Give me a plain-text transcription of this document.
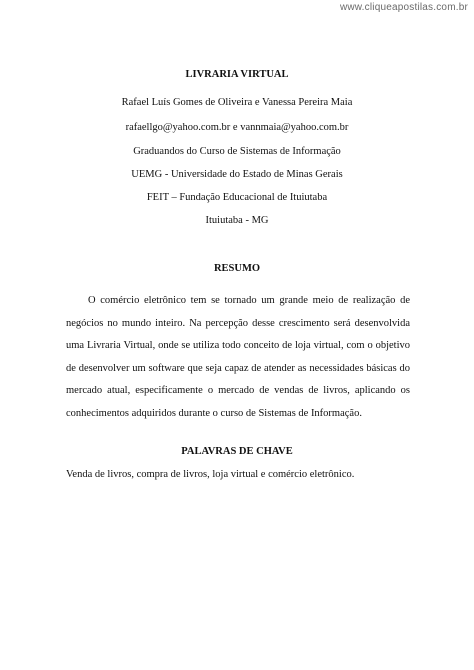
www.cliqueapostilas.com.br
LIVRARIA VIRTUAL
Rafael Luís Gomes de Oliveira e Vanessa Pereira Maia
rafaellgo@yahoo.com.br e vannmaia@yahoo.com.br
Graduandos do Curso de Sistemas de Informação
UEMG - Universidade do Estado de Minas Gerais
FEIT – Fundação Educacional de Ituiutaba
Ituiutaba - MG
RESUMO

O comércio eletrônico tem se tornado um grande meio de realização de negócios no mundo inteiro. Na percepção desse crescimento será desenvolvida uma Livraria Virtual, onde se utiliza todo conceito de loja virtual, com o objetivo de desenvolver um software que seja capaz de atender as necessidades básicas do mercado atual, especificamente o mercado de vendas de livros, aplicando os conhecimentos adquiridos durante o curso de Sistemas de Informação.

PALAVRAS DE CHAVE

Venda de livros, compra de livros, loja virtual e comércio eletrônico.
